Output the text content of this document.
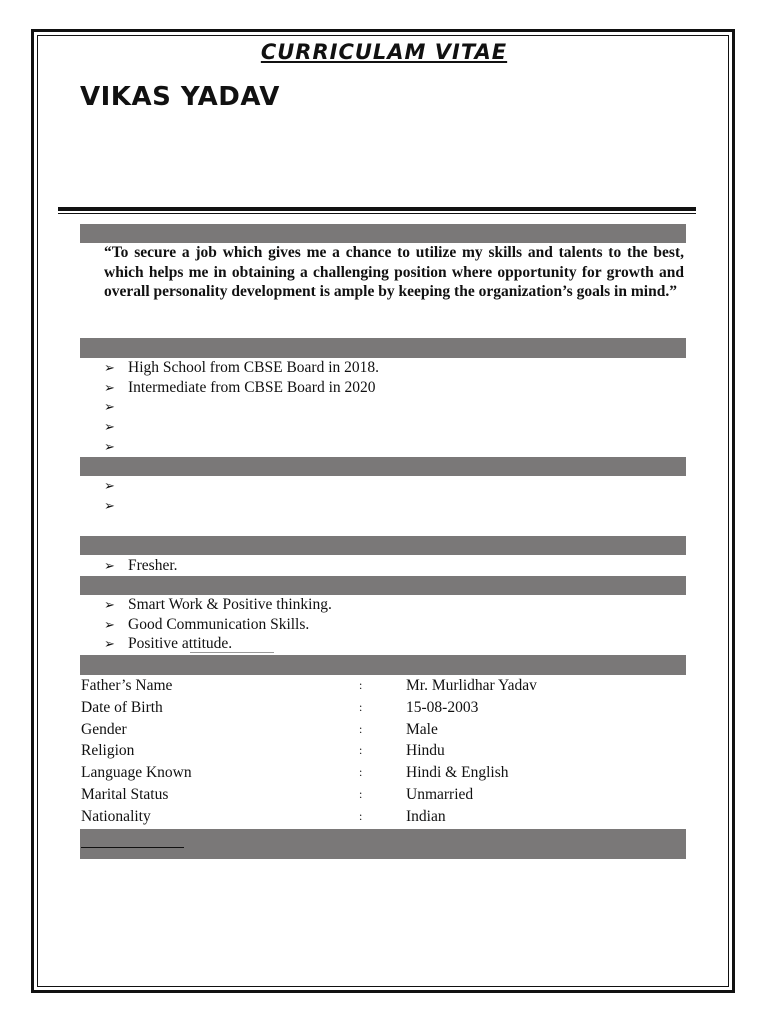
CURRICULAM VITAE
VIKAS YADAV
“To secure a job which gives me a chance to utilize my skills and talents to the best, which helps me in obtaining a challenging position where opportunity for growth and overall personality development is ample by keeping the organization’s goals in mind.”
➢ High School from CBSE Board in 2018.
➢ Intermediate from CBSE Board in 2020
➢
➢
➢
➢
➢
➢ Fresher.
➢ Smart Work & Positive thinking.
➢ Good Communication Skills.
➢ Positive attitude.
Father’s Name	:	Mr. Murlidhar Yadav
Date of Birth	:	15-08-2003
Gender	:	Male
Religion	:	Hindu
Language Known	:	Hindi & English
Marital Status	:	Unmarried
Nationality	:	Indian
